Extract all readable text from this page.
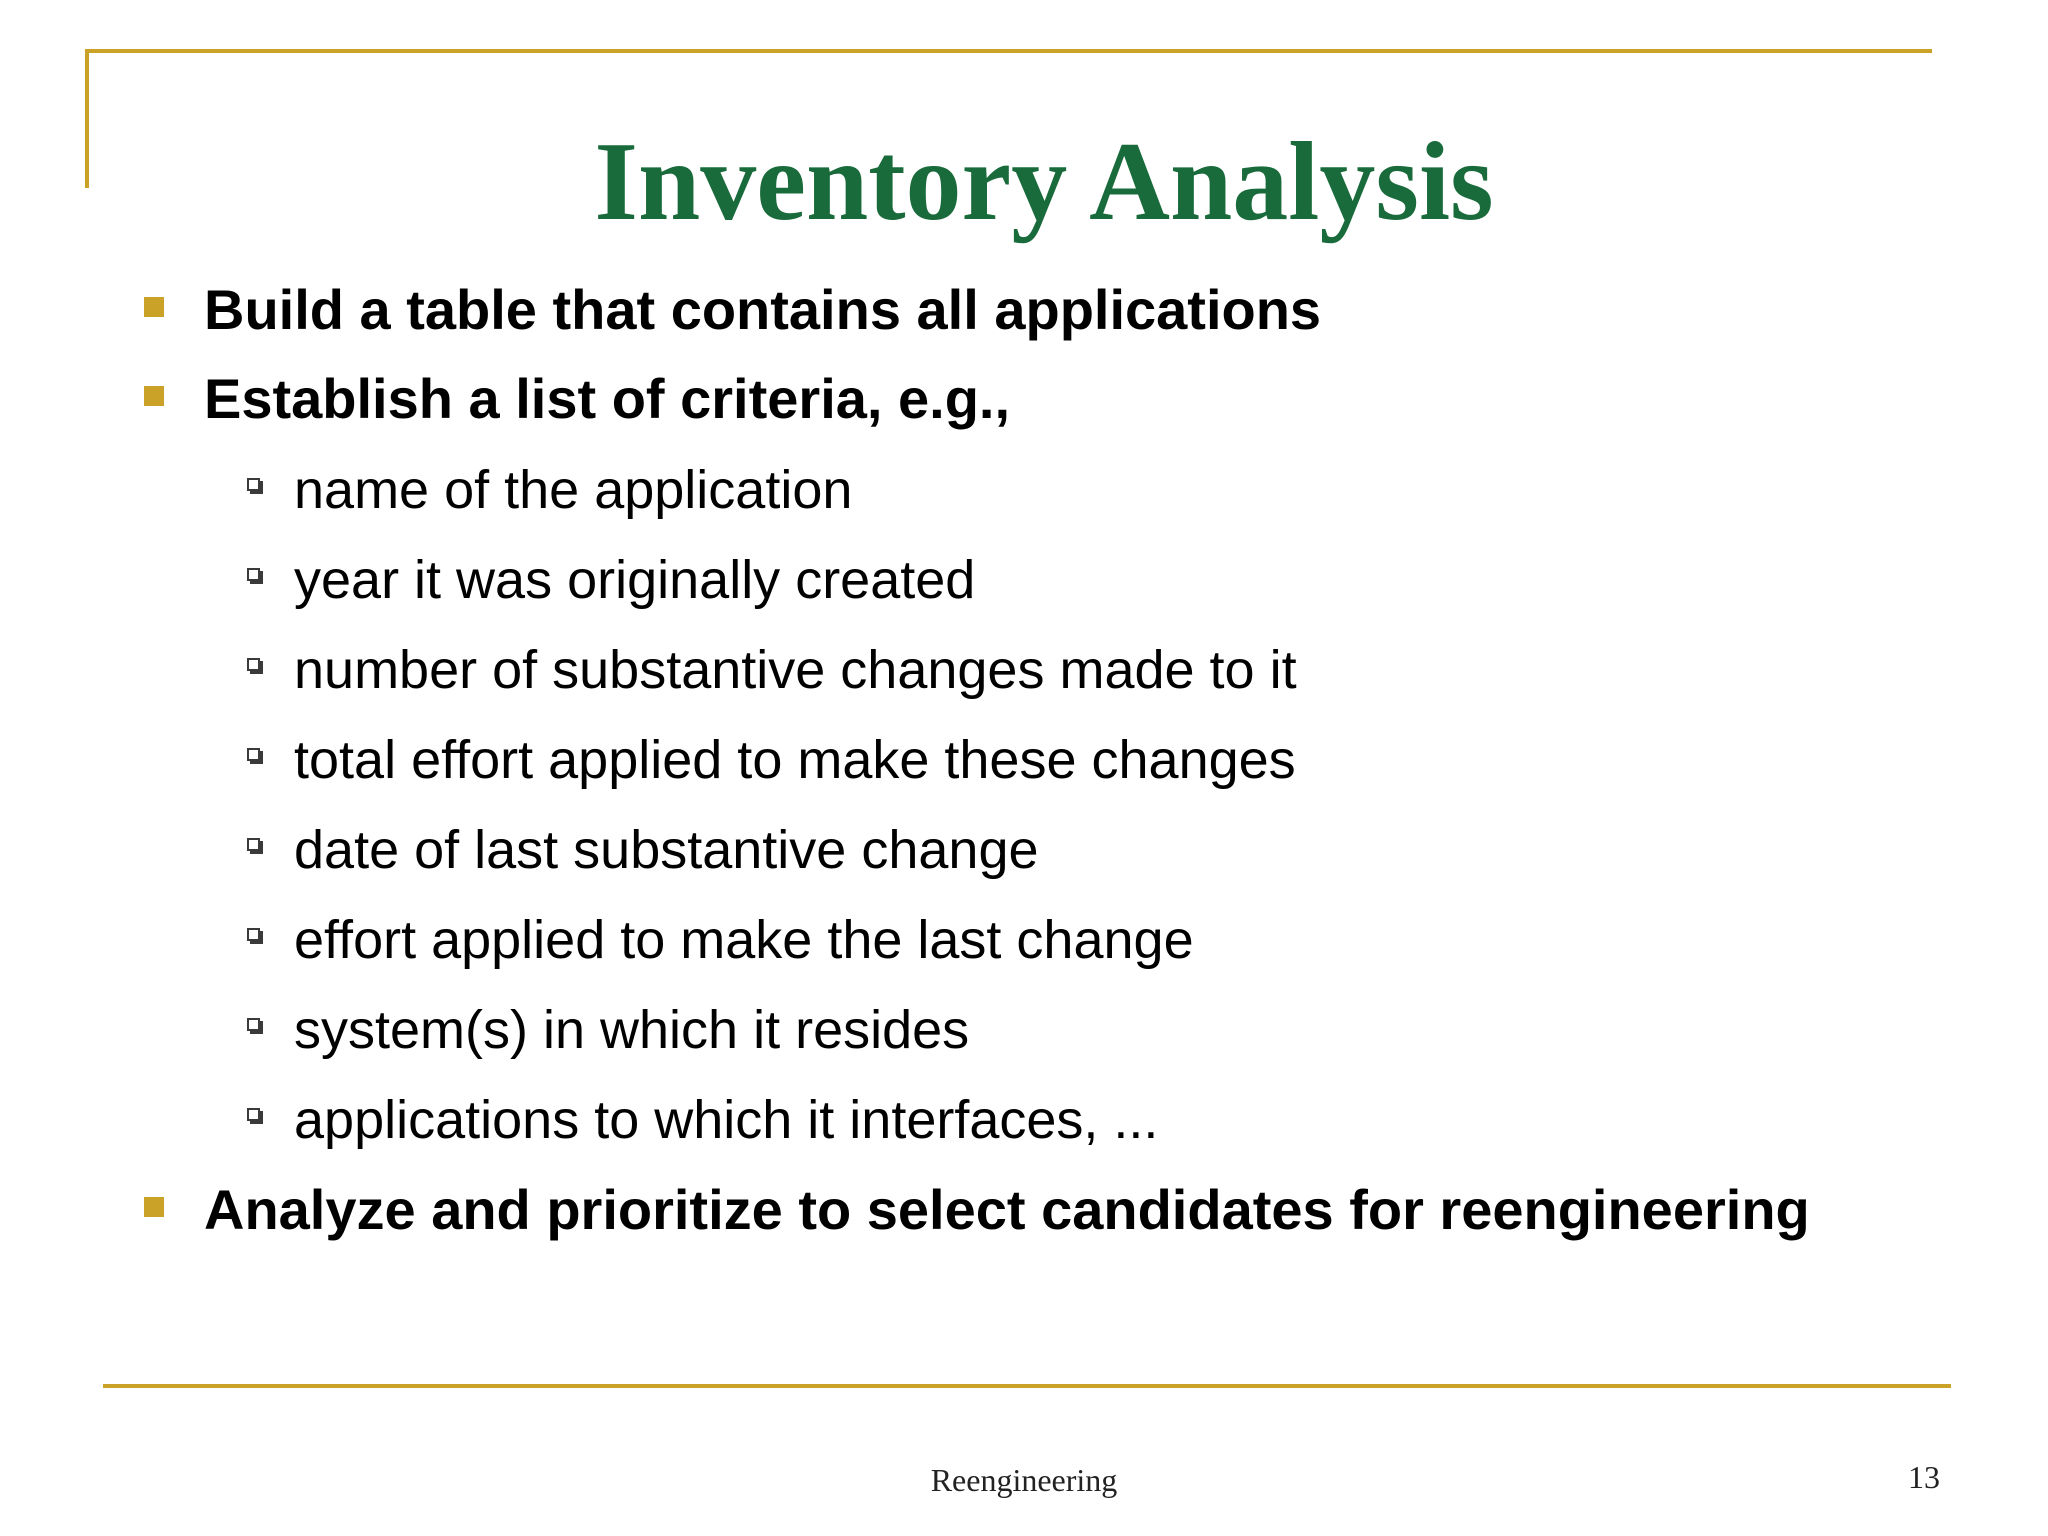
Inventory Analysis
Build a table that contains all applications
Establish a list of criteria, e.g.,
name of the application
year it was originally created
number of substantive changes made to it
total effort applied to make these changes
date of last substantive change
effort applied to make the last change
system(s) in which it resides
applications to which it interfaces, ...
Analyze and prioritize to select candidates for reengineering
Reengineering	13
